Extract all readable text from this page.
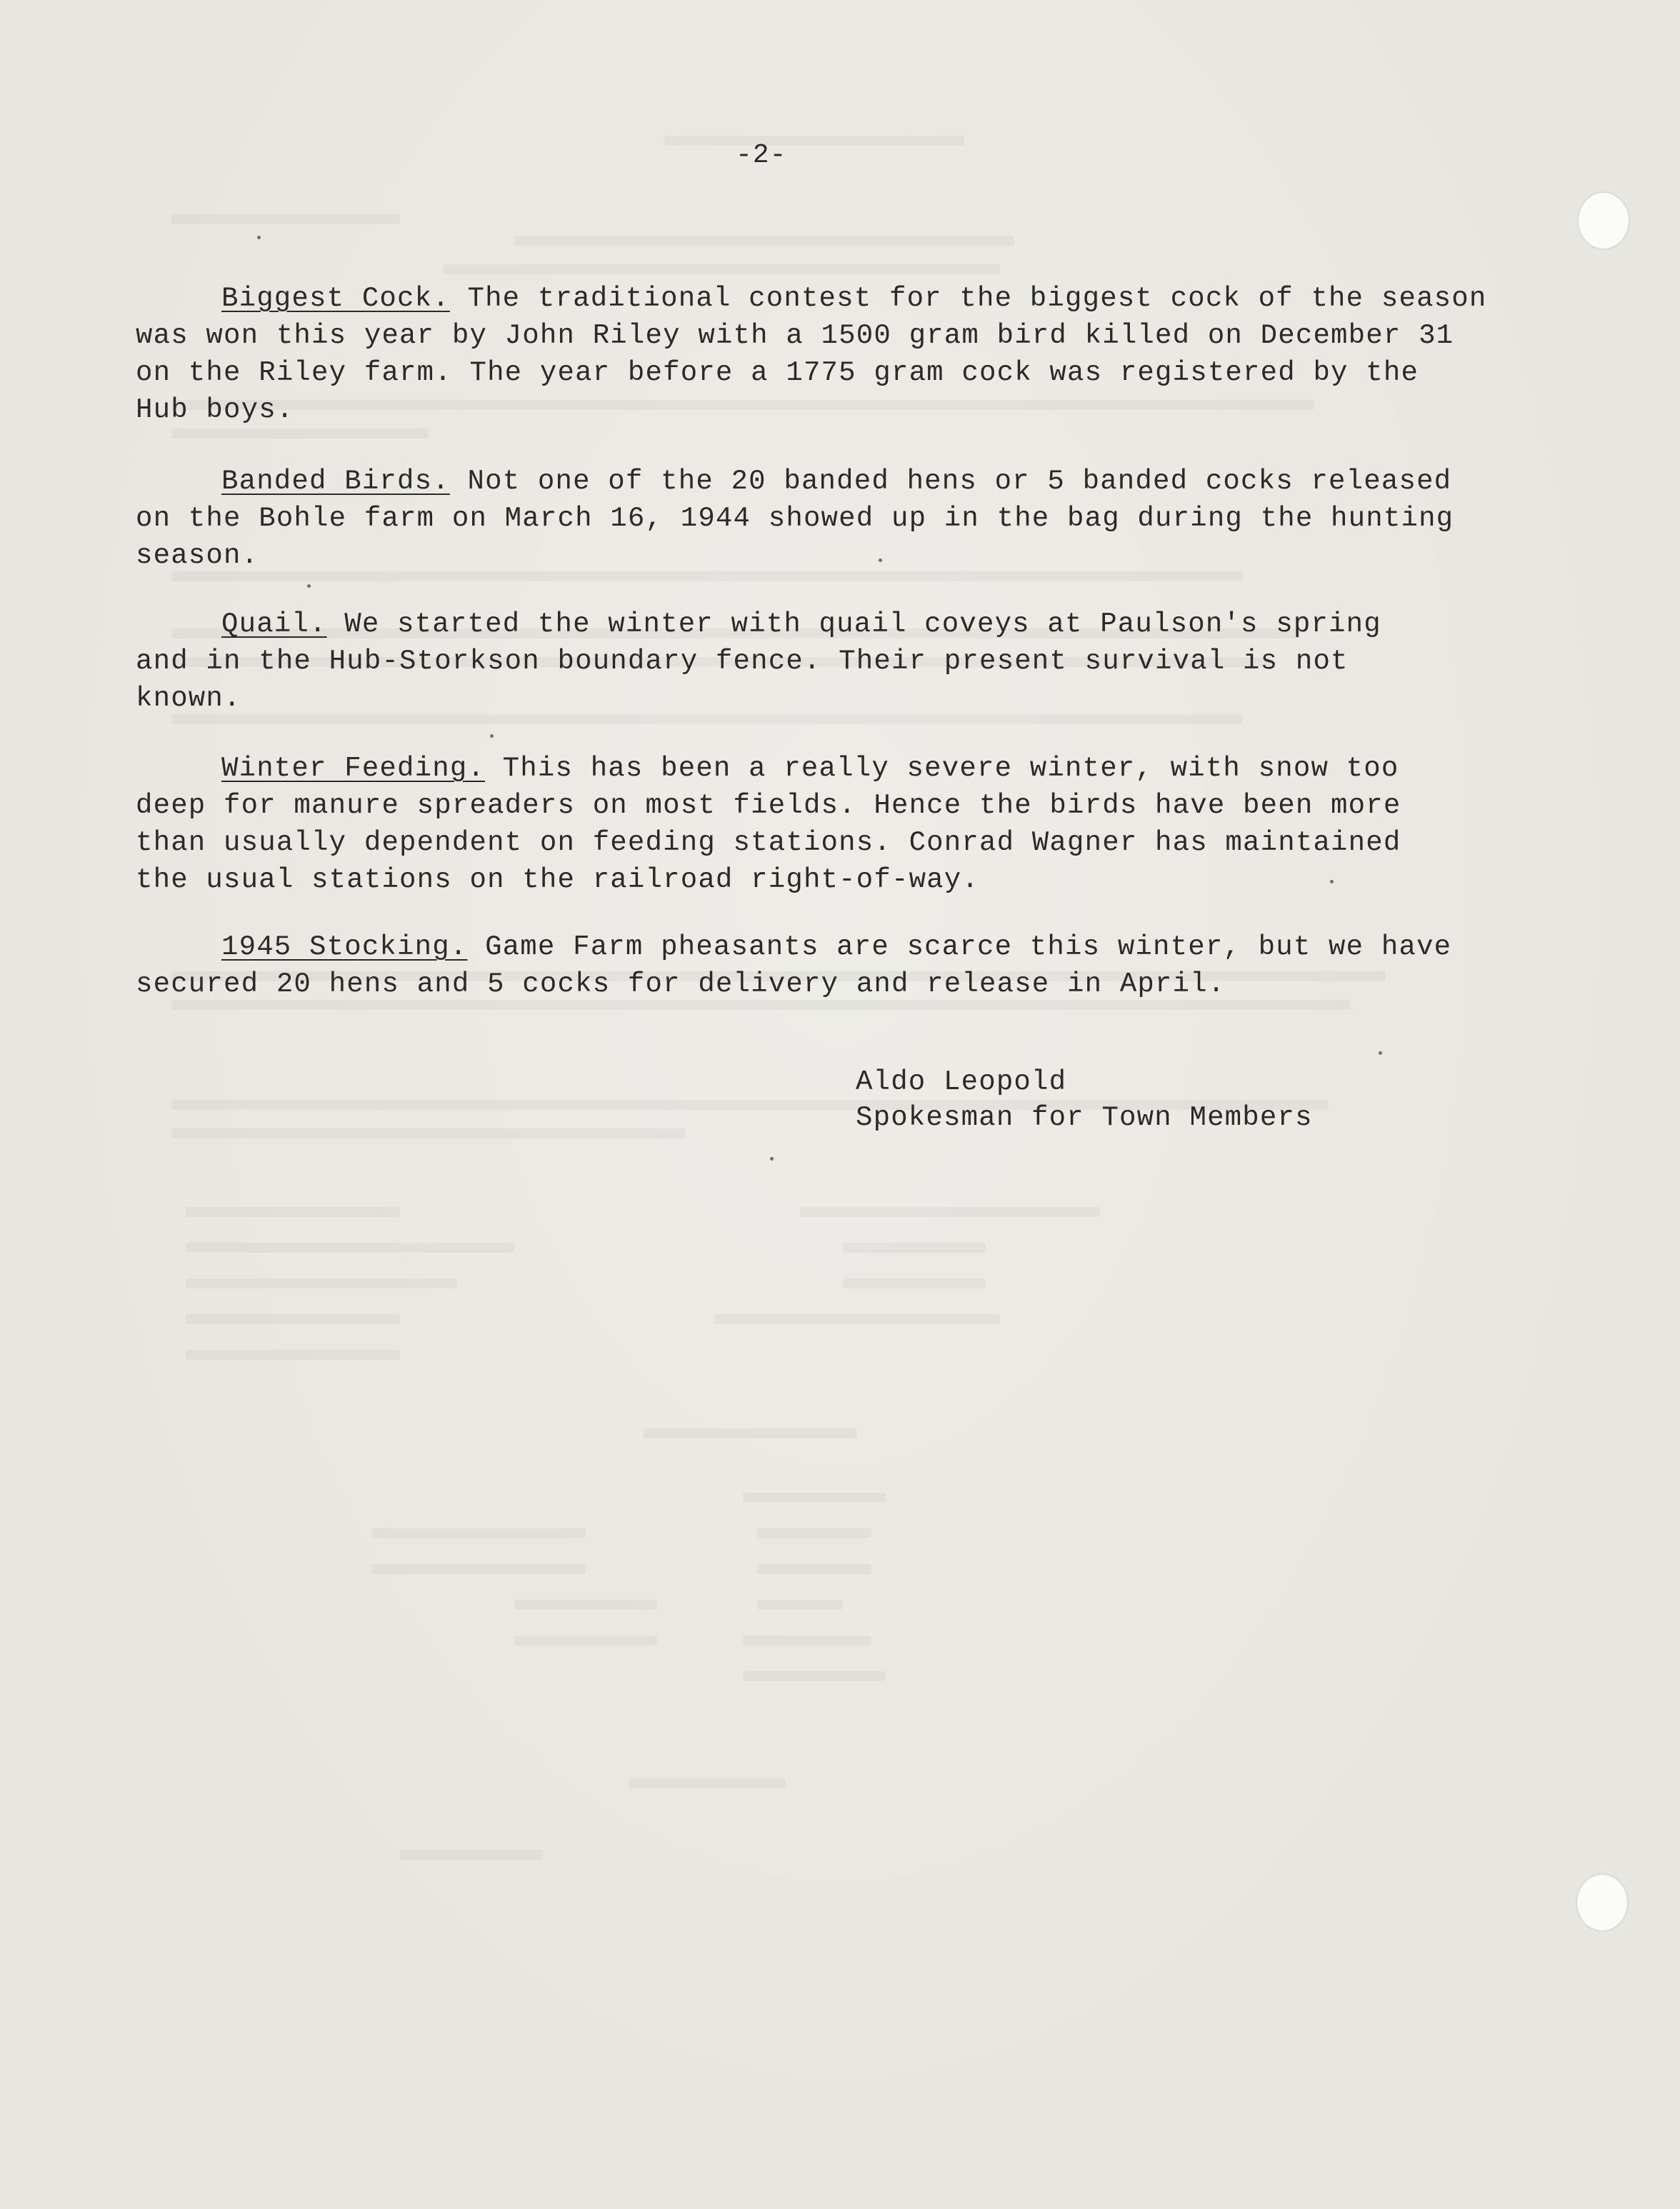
-2-
Biggest Cock. The traditional contest for the biggest cock of the season
was won this year by John Riley with a 1500 gram bird killed on December 31
on the Riley farm. The year before a 1775 gram cock was registered by the
Hub boys.
Banded Birds. Not one of the 20 banded hens or 5 banded cocks released
on the Bohle farm on March 16, 1944 showed up in the bag during the hunting
season.
Quail. We started the winter with quail coveys at Paulson's spring
and in the Hub-Storkson boundary fence. Their present survival is not
known.
Winter Feeding. This has been a really severe winter, with snow too
deep for manure spreaders on most fields. Hence the birds have been more
than usually dependent on feeding stations. Conrad Wagner has maintained
the usual stations on the railroad right-of-way.
1945 Stocking. Game Farm pheasants are scarce this winter, but we have
secured 20 hens and 5 cocks for delivery and release in April.
Aldo Leopold
Spokesman for Town Members
